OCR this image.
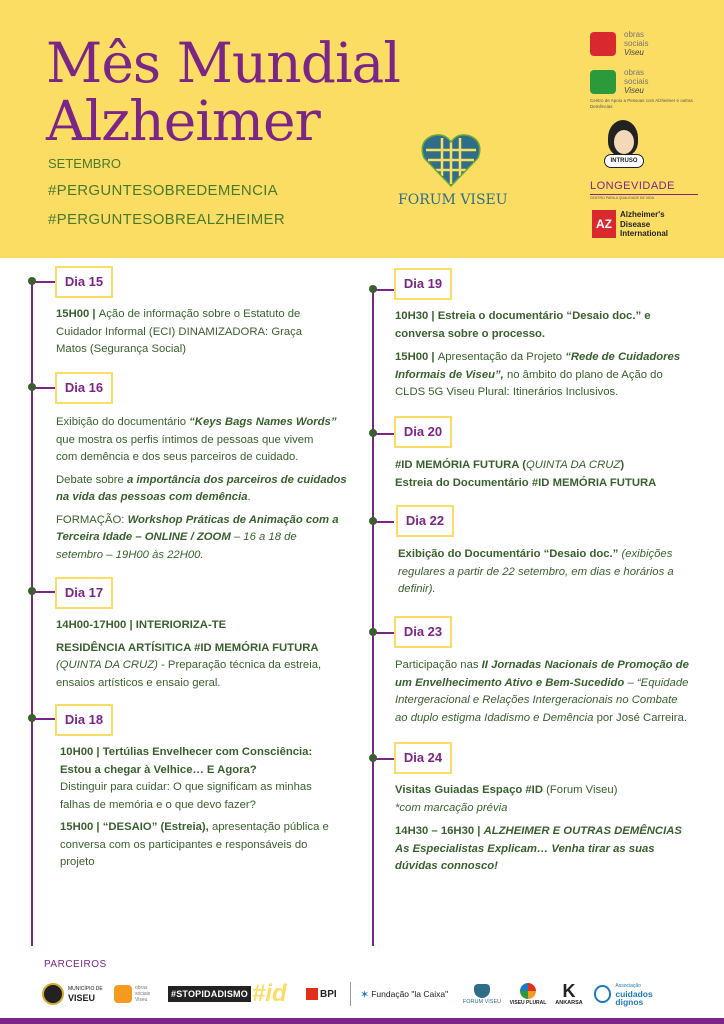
Mês Mundial
Alzheimer
SETEMBRO
#PERGUNTESOBREDEMENCIA
#PERGUNTESOBREALZHEIMER
FORUM VISEU
obras
sociais
Viseu
obras
sociais
Viseu
Centro de Apoio a Pessoas com Alzheimer e outras Demências
INTRUSO
LONGEVIDADE
CENTRO PARA A QUALIDADE DE VIDA
AZ
Alzheimer's
Disease
International
Dia 15
15H00 | Ação de informação sobre o Estatuto de
Cuidador Informal (ECI) DINAMIZADORA: Graça
Matos (Segurança Social)
Dia 16
Exibição do documentário “Keys Bags Names Words”
que mostra os perfis íntimos de pessoas que vivem
com demência e dos seus parceiros de cuidado.
Debate sobre a importância dos parceiros de cuidados
na vida das pessoas com demência.
FORMAÇÃO: Workshop Práticas de Animação com a
Terceira Idade – ONLINE / ZOOM – 16 a 18 de
setembro – 19H00 às 22H00.
Dia 17
14H00-17H00 | INTERIORIZA-TE
RESIDÊNCIA ARTÍSITICA #ID MEMÓRIA FUTURA
(QUINTA DA CRUZ) - Preparação técnica da estreia,
ensaios artísticos e ensaio geral.
Dia 18
10H00 | Tertúlias Envelhecer com Consciência:
Estou a chegar à Velhice… E Agora?
Distinguir para cuidar: O que significam as minhas
falhas de memória e o que devo fazer?
15H00 | “DESAIO” (Estreia), apresentação pública e
conversa com os participantes e responsáveis do
projeto
Dia 19
10H30 | Estreia o documentário “Desaio doc.” e
conversa sobre o processo.
15H00 | Apresentação da Projeto “Rede de Cuidadores
Informais de Viseu”, no âmbito do plano de Ação do
CLDS 5G Viseu Plural: Itinerários Inclusivos.
Dia 20
#ID MEMÓRIA FUTURA (QUINTA DA CRUZ)
Estreia do Documentário #ID MEMÓRIA FUTURA
Dia 22
Exibição do Documentário “Desaio doc.” (exibições
regulares a partir de 22 setembro, em dias e horários a
definir).
Dia 23
Participação nas II Jornadas Nacionais de Promoção de
um Envelhecimento Ativo e Bem-Sucedido – “Equidade
Intergeracional e Relações Intergeracionais no Combate
ao duplo estigma Idadismo e Demência por José Carreira.
Dia 24
Visitas Guiadas Espaço #ID (Forum Viseu)
*com marcação prévia
14H30 – 16H30 | ALZHEIMER E OUTRAS DEMÊNCIAS
As Especialistas Explicam… Venha tirar as suas
dúvidas connosco!
PARCEIROS
MUNICÍPIO DE
VISEU
obras sociais Viseu
#STOPIDADISMO #id	BPI ✶ Fundação "la Caixa"
FORUM VISEU VISEU PLURAL
K
ANKARSA
Associação
cuidados dignos
